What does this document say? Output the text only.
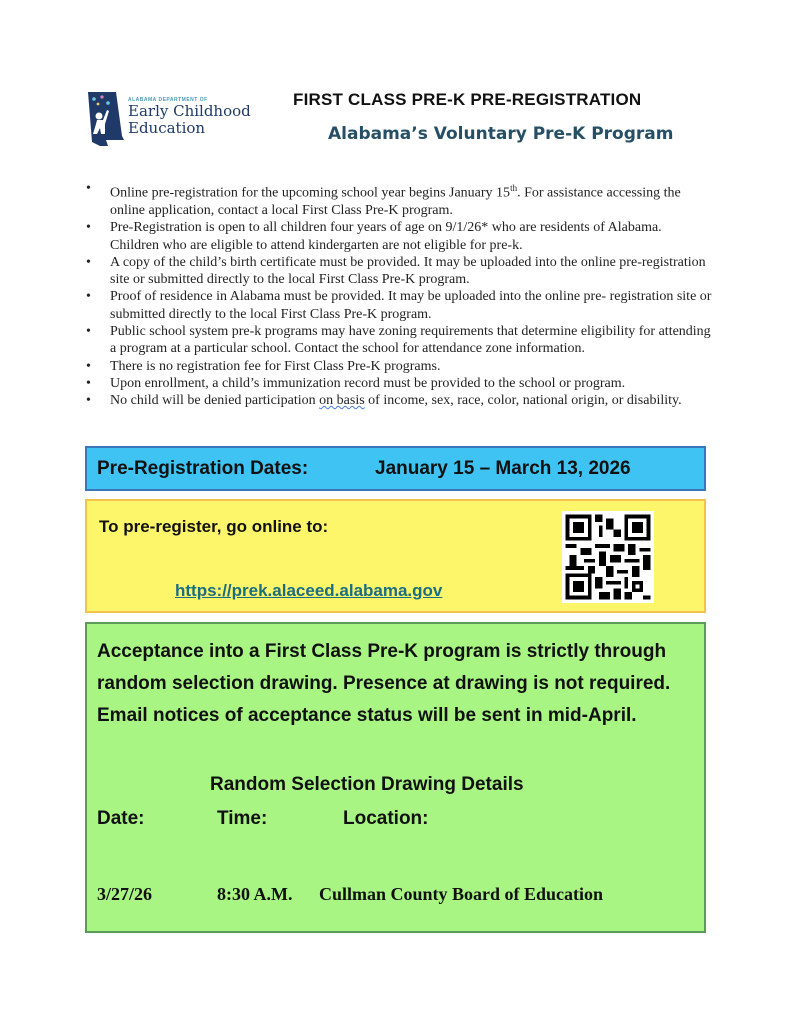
ALABAMA DEPARTMENT OF
Early Childhood
Education
FIRST CLASS PRE-K PRE-REGISTRATION
Alabama’s Voluntary Pre-K Program
• Online pre-registration for the upcoming school year begins January 15th. For assistance accessing the online application, contact a local First Class Pre-K program.
• Pre-Registration is open to all children four years of age on 9/1/26* who are residents of Alabama. Children who are eligible to attend kindergarten are not eligible for pre-k.
• A copy of the child’s birth certificate must be provided. It may be uploaded into the online pre-registration site or submitted directly to the local First Class Pre-K program.
• Proof of residence in Alabama must be provided. It may be uploaded into the online pre- registration site or submitted directly to the local First Class Pre-K program.
• Public school system pre-k programs may have zoning requirements that determine eligibility for attending a program at a particular school. Contact the school for attendance zone information.
• There is no registration fee for First Class Pre-K programs.
• Upon enrollment, a child’s immunization record must be provided to the school or program.
• No child will be denied participation on basis of income, sex, race, color, national origin, or disability.
Pre-Registration Dates:	January 15 – March 13, 2026
To pre-register, go online to:
https://prek.alaceed.alabama.gov
Acceptance into a First Class Pre-K program is strictly through random selection drawing. Presence at drawing is not required. Email notices of acceptance status will be sent in mid-April.
Random Selection Drawing Details
Date:	Time:	Location:
3/27/26	8:30 A.M. Cullman County Board of Education
